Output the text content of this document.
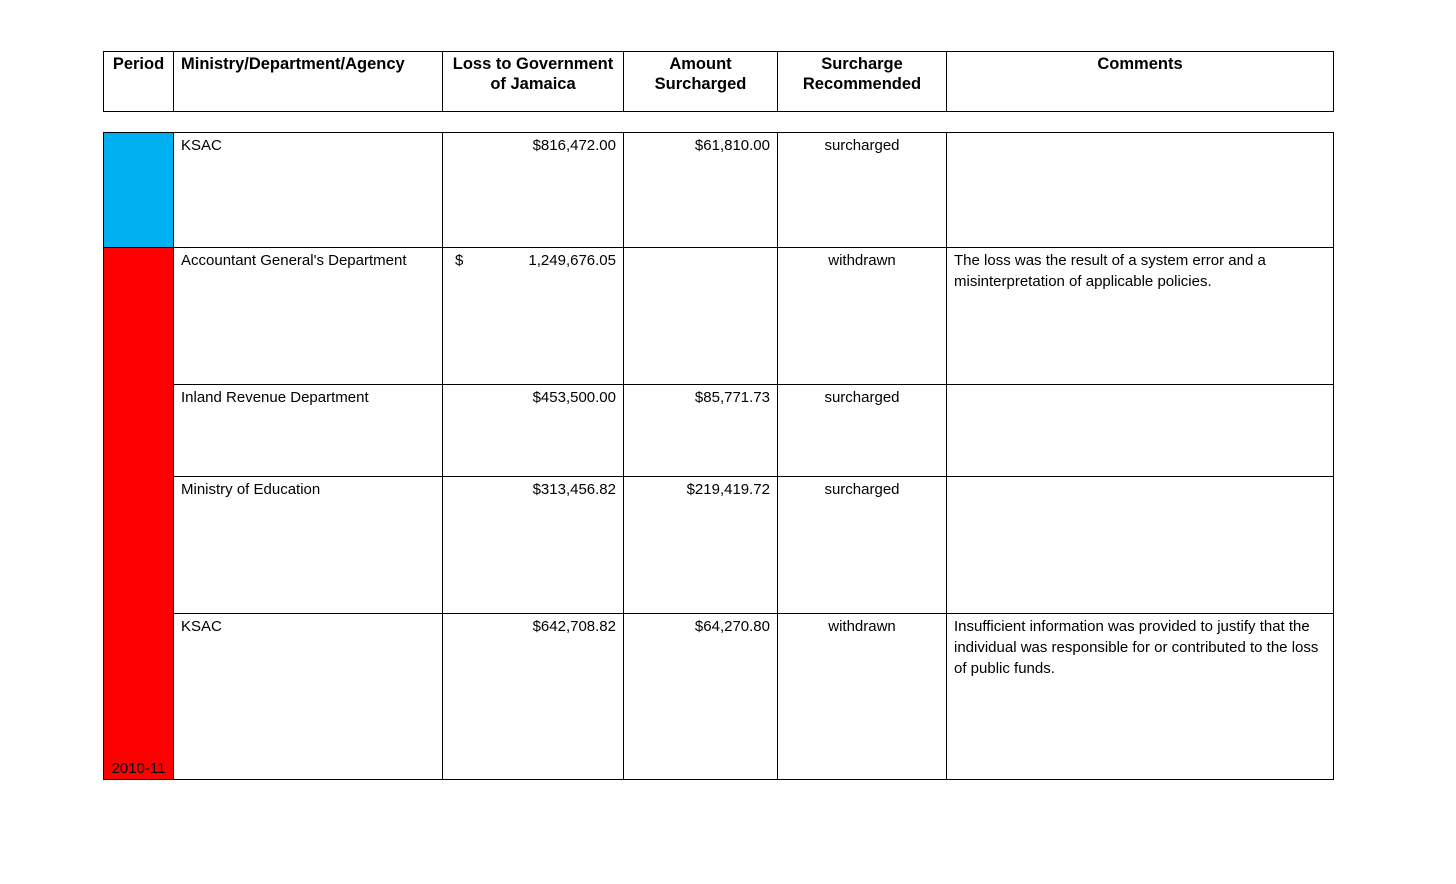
Period	Ministry/Department/Agency	Loss to Government of Jamaica	Amount Surcharged	Surcharge Recommended	Comments
	KSAC	$816,472.00	$61,810.00	surcharged	

2010-11	Accountant General's Department	$ 1,249,676.05		withdrawn	The loss was the result of a system error and a misinterpretation of applicable policies.
	Inland Revenue Department	$453,500.00	$85,771.73	surcharged	
	Ministry of Education	$313,456.82	$219,419.72	surcharged	
	KSAC	$642,708.82	$64,270.80	withdrawn	Insufficient information was provided to justify that the individual was responsible for or contributed to the loss of public funds.
